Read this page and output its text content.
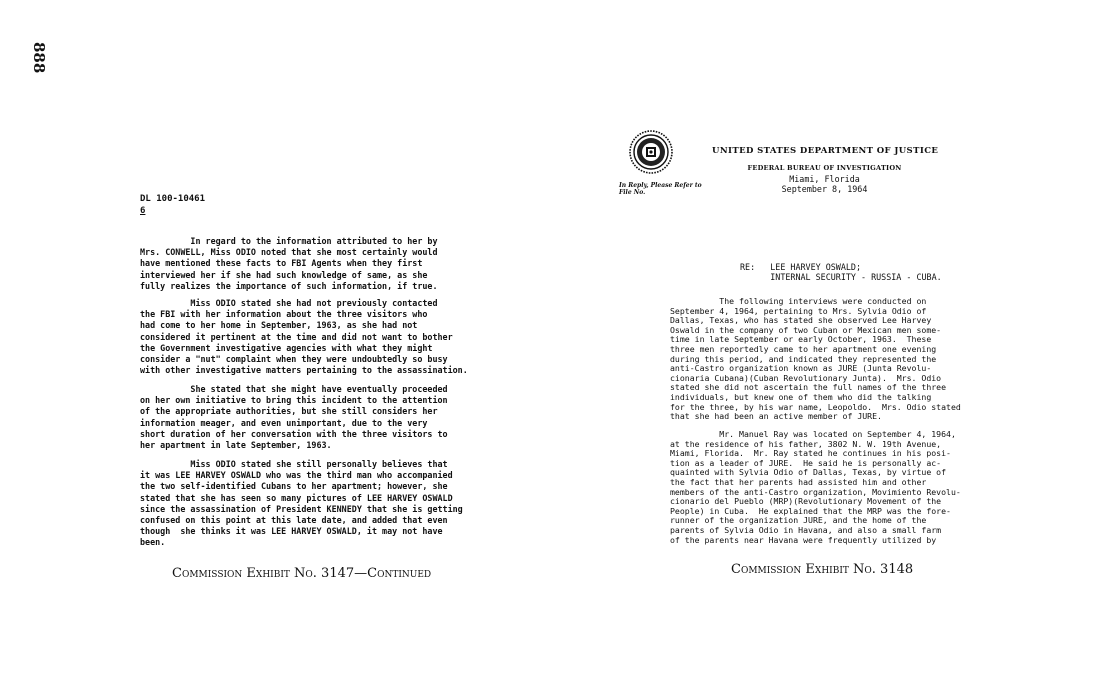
888
DL 100-10461
6

In regard to the information attributed to her by
Mrs. CONWELL, Miss ODIO noted that she most certainly would
have mentioned these facts to FBI Agents when they first
interviewed her if she had such knowledge of same, as she
fully realizes the importance of such information, if true.

Miss ODIO stated she had not previously contacted
the FBI with her information about the three visitors who
had come to her home in September, 1963, as she had not
considered it pertinent at the time and did not want to bother
the Government investigative agencies with what they might
consider a "nut" complaint when they were undoubtedly so busy
with other investigative matters pertaining to the assassination.

She stated that she might have eventually proceeded
on her own initiative to bring this incident to the attention
of the appropriate authorities, but she still considers her
information meager, and even unimportant, due to the very
short duration of her conversation with the three visitors to
her apartment in late September, 1963.

Miss ODIO stated she still personally believes that
it was LEE HARVEY OSWALD who was the third man who accompanied
the two self-identified Cubans to her apartment; however, she
stated that she has seen so many pictures of LEE HARVEY OSWALD
since the assassination of President KENNEDY that she is getting
confused on this point at this late date, and added that even
though  she thinks it was LEE HARVEY OSWALD, it may not have
been.

Commission Exhibit No. 3147—Continued
In Reply, Please Refer to
File No.
UNITED STATES DEPARTMENT OF JUSTICE
FEDERAL BUREAU OF INVESTIGATION
Miami, Florida
September 8, 1964
RE:   LEE HARVEY OSWALD;
INTERNAL SECURITY - RUSSIA - CUBA.

The following interviews were conducted on
September 4, 1964, pertaining to Mrs. Sylvia Odio of
Dallas, Texas, who has stated she observed Lee Harvey
Oswald in the company of two Cuban or Mexican men some-
time in late September or early October, 1963.  These
three men reportedly came to her apartment one evening
during this period, and indicated they represented the
anti-Castro organization known as JURE (Junta Revolu-
cionaria Cubana)(Cuban Revolutionary Junta).  Mrs. Odio
stated she did not ascertain the full names of the three
individuals, but knew one of them who did the talking
for the three, by his war name, Leopoldo.  Mrs. Odio stated
that she had been an active member of JURE.

Mr. Manuel Ray was located on September 4, 1964,
at the residence of his father, 3802 N. W. 19th Avenue,
Miami, Florida.  Mr. Ray stated he continues in his posi-
tion as a leader of JURE.  He said he is personally ac-
quainted with Sylvia Odio of Dallas, Texas, by virtue of
the fact that her parents had assisted him and other
members of the anti-Castro organization, Movimiento Revolu-
cionario del Pueblo (MRP)(Revolutionary Movement of the
People) in Cuba.  He explained that the MRP was the fore-
runner of the organization JURE, and the home of the
parents of Sylvia Odio in Havana, and also a small farm
of the parents near Havana were frequently utilized by

Commission Exhibit No. 3148
